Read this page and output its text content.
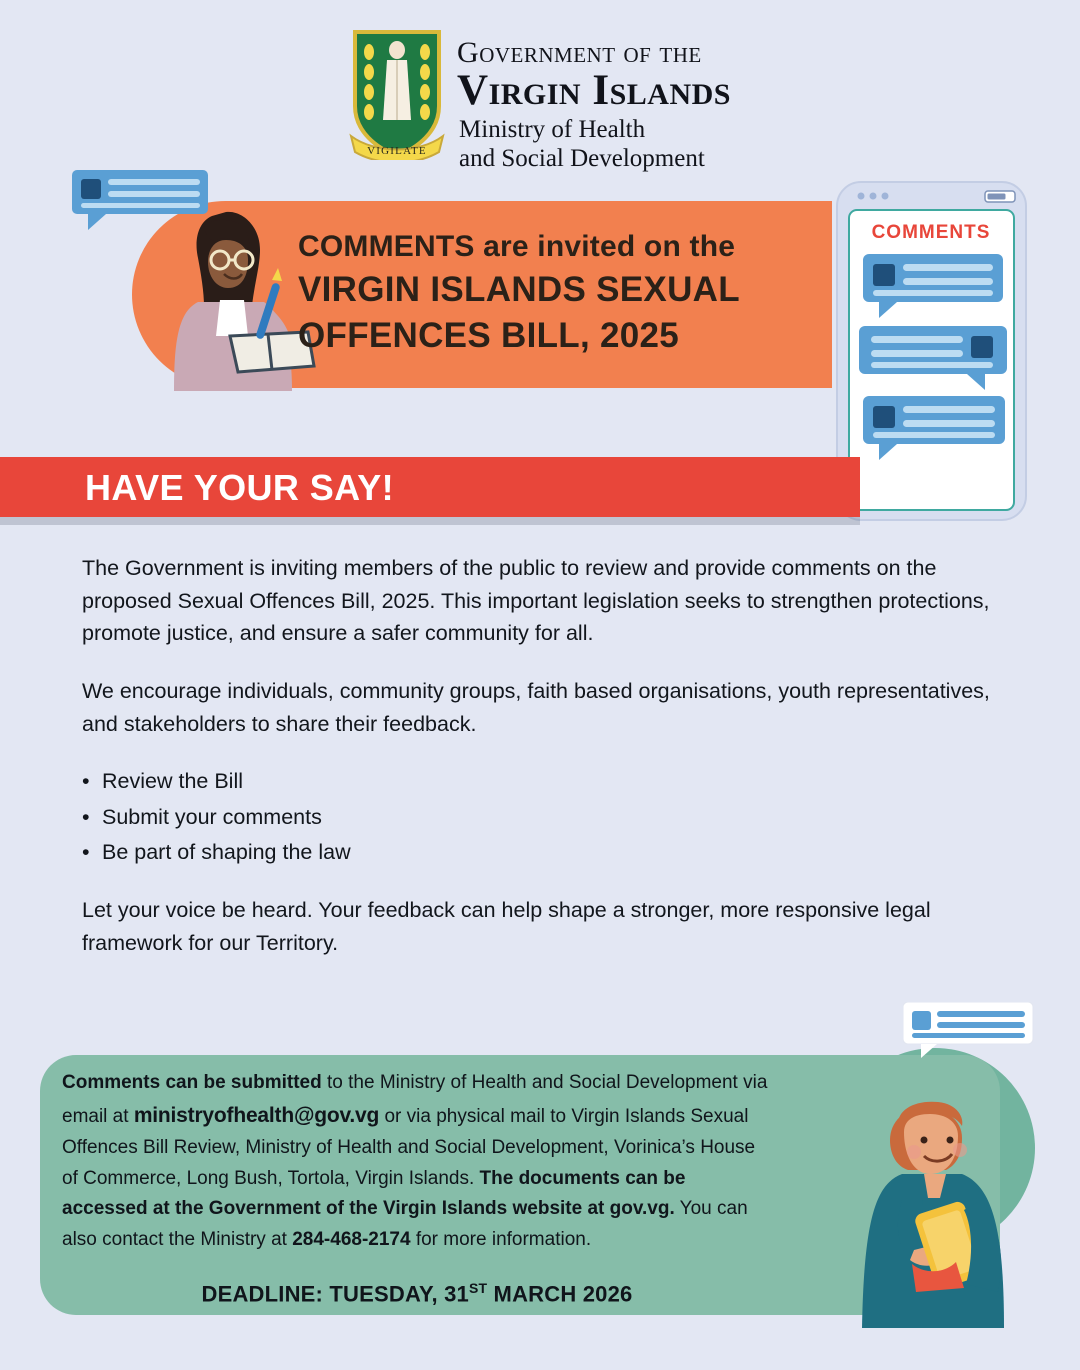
VIGILATE
Government of the
Virgin Islands
Ministry of Health
and Social Development
COMMENTS are invited on the
VIRGIN ISLANDS SEXUAL
OFFENCES BILL, 2025
COMMENTS
HAVE YOUR SAY!

The Government is inviting members of the public to review and provide comments on the proposed Sexual Offences Bill, 2025. This important legislation seeks to strengthen protections, promote justice, and ensure a safer community for all.

We encourage individuals, community groups, faith based organisations, youth representatives, and stakeholders to share their feedback.

• Review the Bill
• Submit your comments
• Be part of shaping the law

Let your voice be heard. Your feedback can help shape a stronger, more responsive legal framework for our Territory.

Comments can be submitted to the Ministry of Health and Social Development via email at ministryofhealth@gov.vg or via physical mail to Virgin Islands Sexual Offences Bill Review, Ministry of Health and Social Development, Vorinica’s House of Commerce, Long Bush, Tortola, Virgin Islands. The documents can be accessed at the Government of the Virgin Islands website at gov.vg. You can also contact the Ministry at 284-468-2174 for more information.
DEADLINE: TUESDAY, 31ST MARCH 2026
